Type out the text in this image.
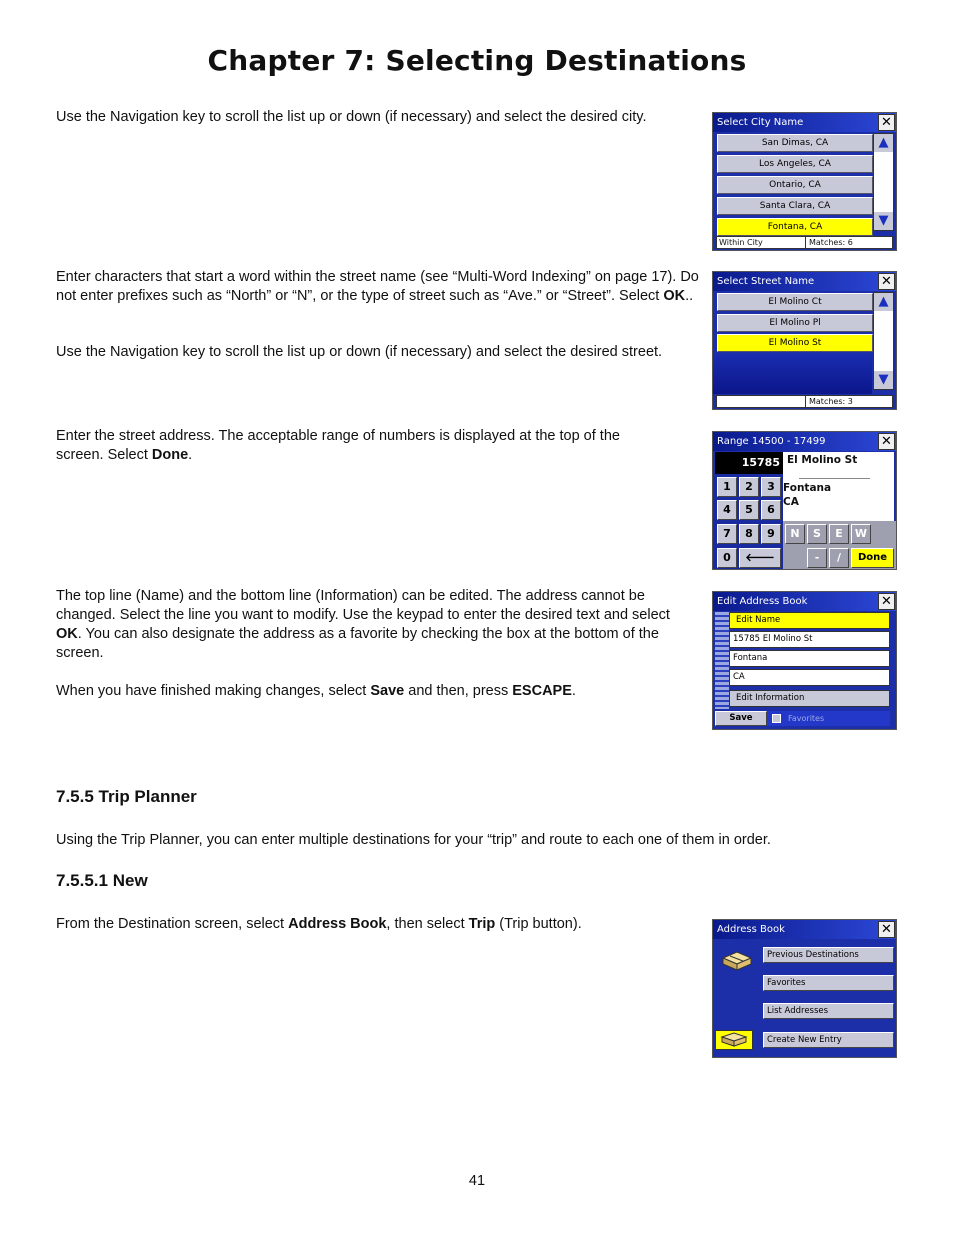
Chapter 7: Selecting Destinations
Use the Navigation key to scroll the list up or down (if necessary) and select the desired city.	Select City Name	✕
San Dimas, CA
Los Angeles, CA
Ontario, CA
Santa Clara, CA
Fontana, CA
▲
▼
Within City	Matches: 6
Enter characters that start a word within the street name (see “Multi-Word Indexing” on page 17). Do not enter prefixes such as “North” or “N”, or the type of street such as “Ave.” or “Street”. Select OK..
Use the Navigation key to scroll the list up or down (if necessary) and select the desired street.
Select Street Name	✕
El Molino Ct
El Molino Pl
El Molino St
▲
▼
Matches: 3
Enter the street address. The acceptable range of numbers is displayed at the top of the screen. Select Done.
Range 14500 - 17499	✕
15785 El Molino St
Fontana
CA
1	2	3
4	5	6
7	8	9
0	🡐
N	S	E	W
-	/	Done
The top line (Name) and the bottom line (Information) can be edited. The address cannot be changed. Select the line you want to modify. Use the keypad to enter the desired text and select OK. You can also designate the address as a favorite by checking the box at the bottom of the screen.
When you have finished making changes, select Save and then, press ESCAPE.
Edit Address Book	✕
Edit Name
15785 El Molino St
Fontana
CA
Edit Information
Save	Favorites
7.5.5 Trip Planner
Using the Trip Planner, you can enter multiple destinations for your “trip” and route to each one of them in order.
7.5.5.1 New
From the Destination screen, select Address Book, then select Trip (Trip button).	Address Book	✕
Previous Destinations
Favorites
List Addresses
Create New Entry
41
